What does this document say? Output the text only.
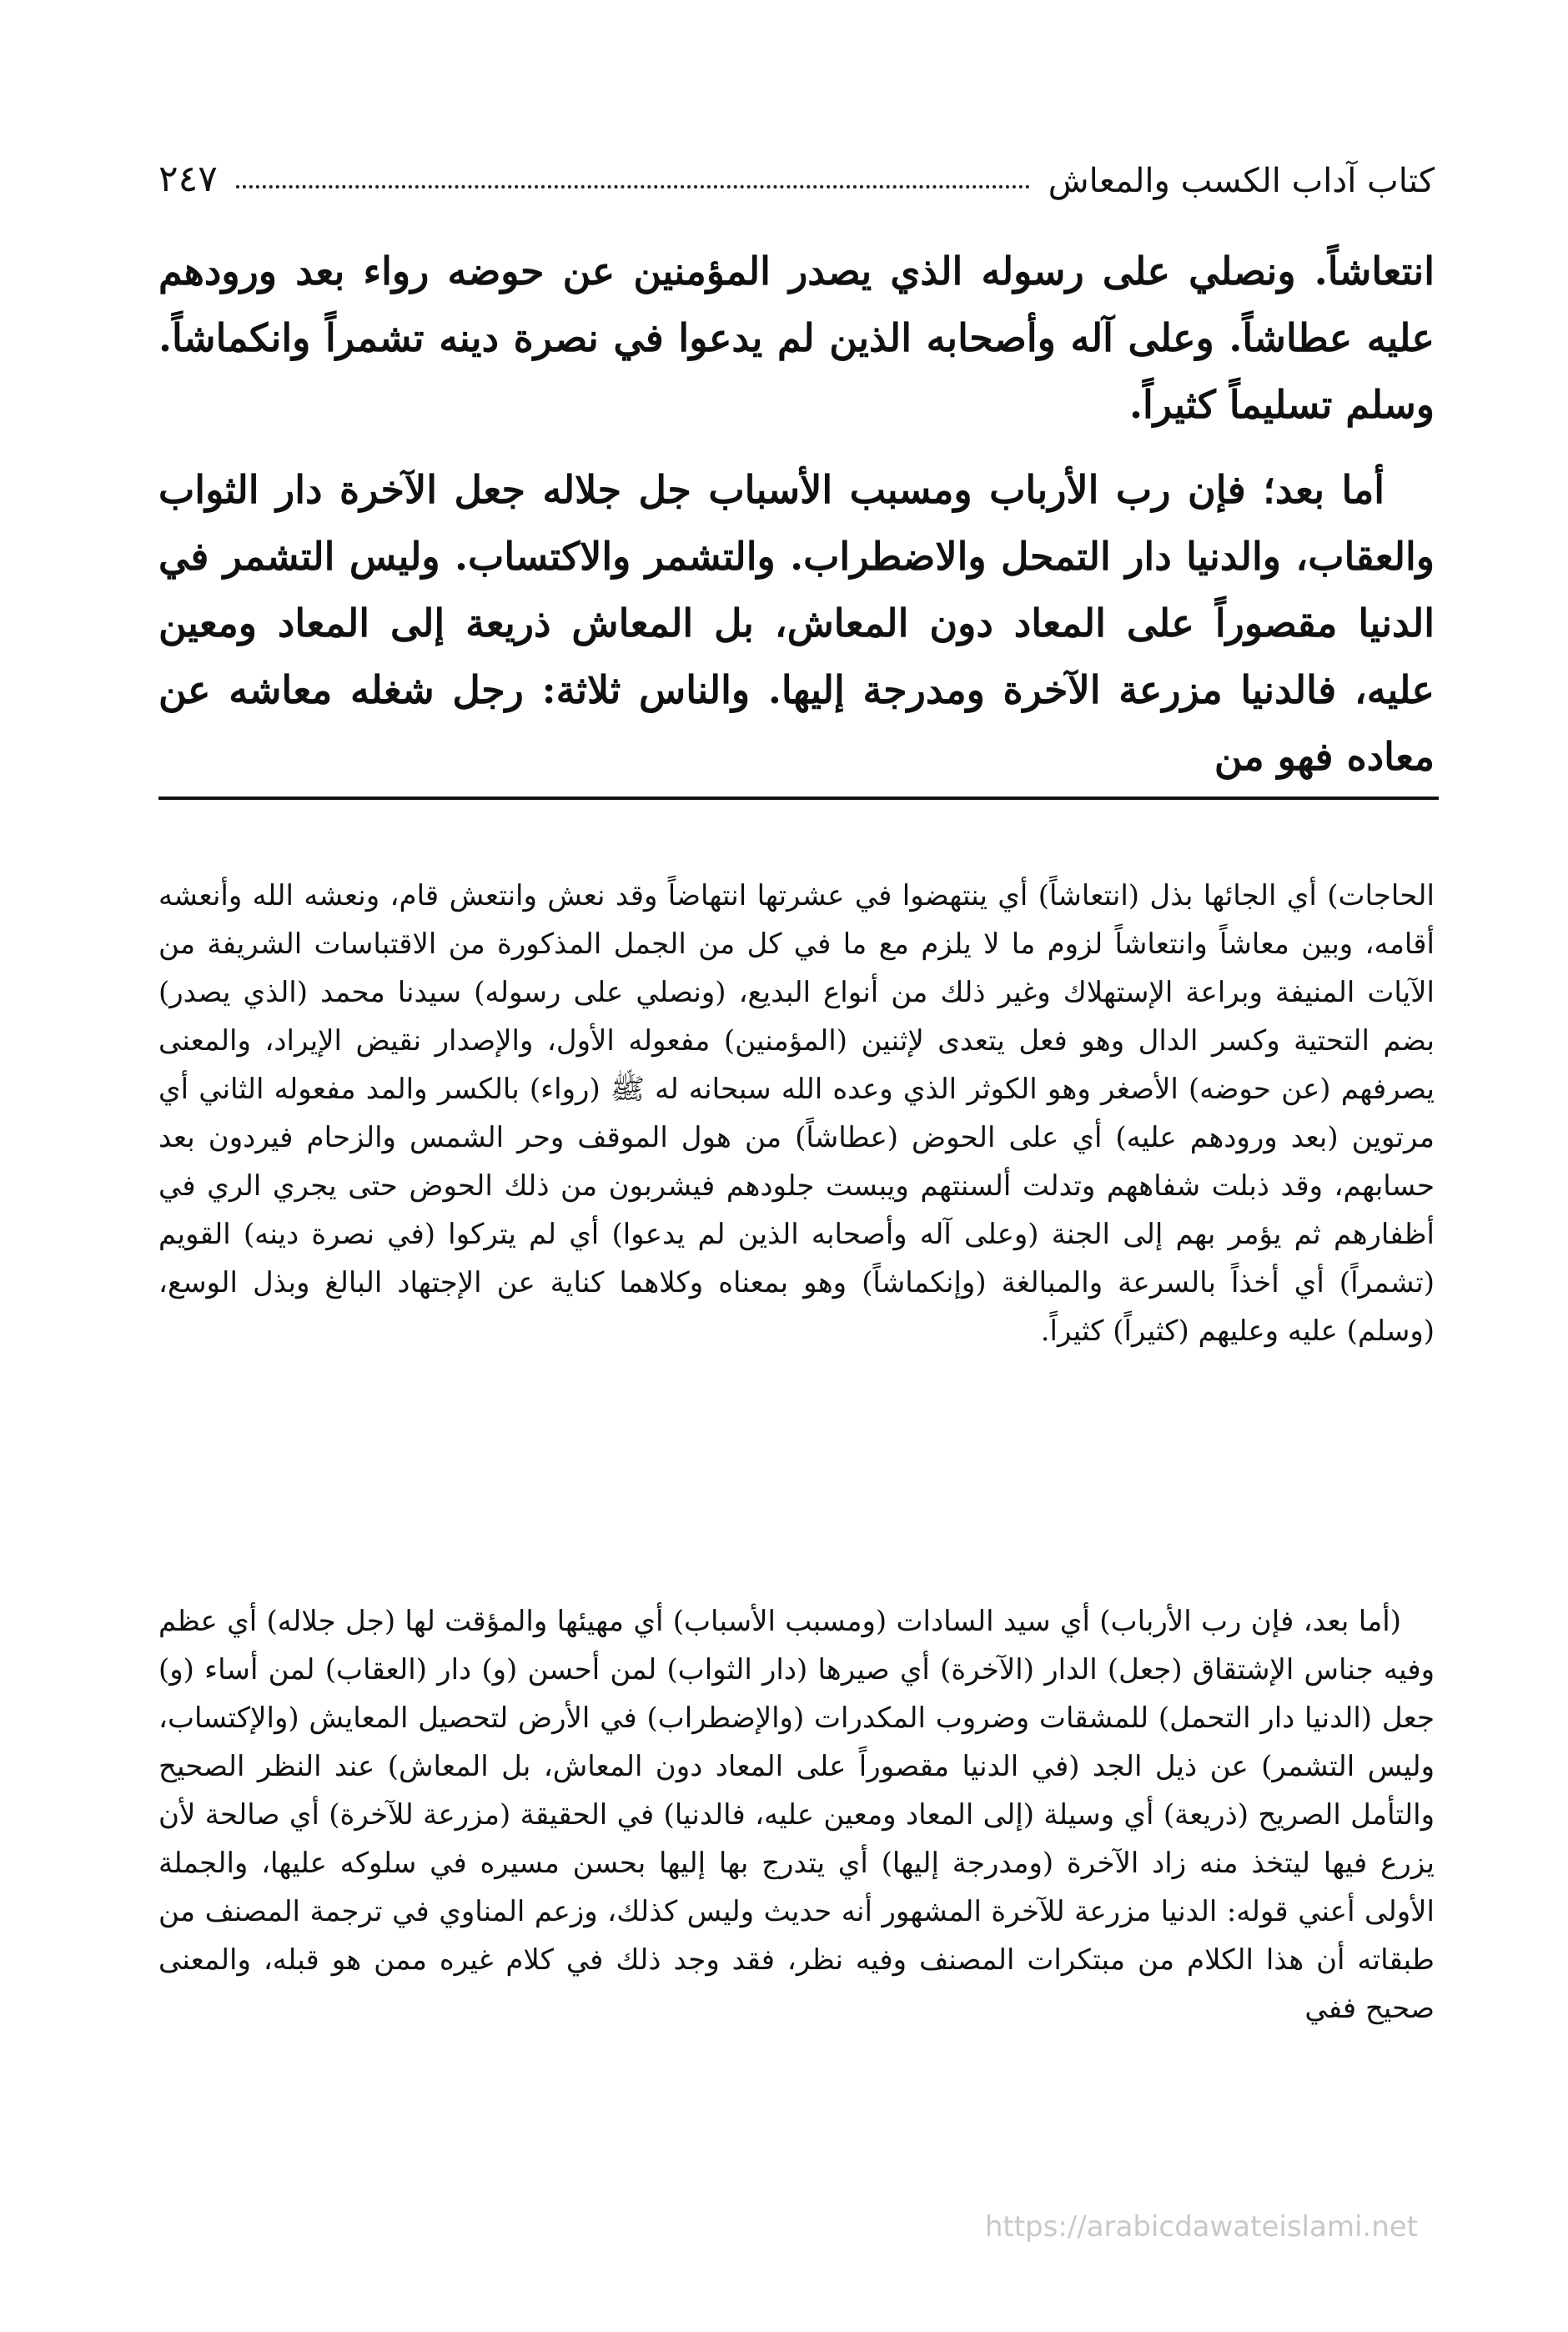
كتاب آداب الكسب والمعاش
٢٤٧

انتعاشاً. ونصلي على رسوله الذي يصدر المؤمنين عن حوضه رواء بعد ورودهم عليه عطاشاً. وعلى آله وأصحابه الذين لم يدعوا في نصرة دينه تشمراً وانكماشاً. وسلم تسليماً كثيراً.

أما بعد؛ فإن رب الأرباب ومسبب الأسباب جل جلاله جعل الآخرة دار الثواب والعقاب، والدنيا دار التمحل والاضطراب. والتشمر والاكتساب. وليس التشمر في الدنيا مقصوراً على المعاد دون المعاش، بل المعاش ذريعة إلى المعاد ومعين عليه، فالدنيا مزرعة الآخرة ومدرجة إليها. والناس ثلاثة: رجل شغله معاشه عن معاده فهو من

الحاجات) أي الجائها بذل (انتعاشاً) أي ينتهضوا في عشرتها انتهاضاً وقد نعش وانتعش قام، ونعشه الله وأنعشه أقامه، وبين معاشاً وانتعاشاً لزوم ما لا يلزم مع ما في كل من الجمل المذكورة من الاقتباسات الشريفة من الآيات المنيفة وبراعة الإستهلاك وغير ذلك من أنواع البديع، (ونصلي على رسوله) سيدنا محمد (الذي يصدر) بضم التحتية وكسر الدال وهو فعل يتعدى لإثنين (المؤمنين) مفعوله الأول، والإصدار نقيض الإيراد، والمعنى يصرفهم (عن حوضه) الأصغر وهو الكوثر الذي وعده الله سبحانه له ﷺ (رواء) بالكسر والمد مفعوله الثاني أي مرتوين (بعد ورودهم عليه) أي على الحوض (عطاشاً) من هول الموقف وحر الشمس والزحام فيردون بعد حسابهم، وقد ذبلت شفاههم وتدلت ألسنتهم ويبست جلودهم فيشربون من ذلك الحوض حتى يجري الري في أظفارهم ثم يؤمر بهم إلى الجنة (وعلى آله وأصحابه الذين لم يدعوا) أي لم يتركوا (في نصرة دينه) القويم (تشمراً) أي أخذاً بالسرعة والمبالغة (وإنكماشاً) وهو بمعناه وكلاهما كناية عن الإجتهاد البالغ وبذل الوسع، (وسلم) عليه وعليهم (كثيراً) كثيراً.

(أما بعد، فإن رب الأرباب) أي سيد السادات (ومسبب الأسباب) أي مهيئها والمؤقت لها (جل جلاله) أي عظم وفيه جناس الإشتقاق (جعل) الدار (الآخرة) أي صيرها (دار الثواب) لمن أحسن (و) دار (العقاب) لمن أساء (و) جعل (الدنيا دار التحمل) للمشقات وضروب المكدرات (والإضطراب) في الأرض لتحصيل المعايش (والإكتساب، وليس التشمر) عن ذيل الجد (في الدنيا مقصوراً على المعاد دون المعاش، بل المعاش) عند النظر الصحيح والتأمل الصريح (ذريعة) أي وسيلة (إلى المعاد ومعين عليه، فالدنيا) في الحقيقة (مزرعة للآخرة) أي صالحة لأن يزرع فيها ليتخذ منه زاد الآخرة (ومدرجة إليها) أي يتدرج بها إليها بحسن مسيره في سلوكه عليها، والجملة الأولى أعني قوله: الدنيا مزرعة للآخرة المشهور أنه حديث وليس كذلك، وزعم المناوي في ترجمة المصنف من طبقاته أن هذا الكلام من مبتكرات المصنف وفيه نظر، فقد وجد ذلك في كلام غيره ممن هو قبله، والمعنى صحيح ففي

https://arabicdawateislami.net
